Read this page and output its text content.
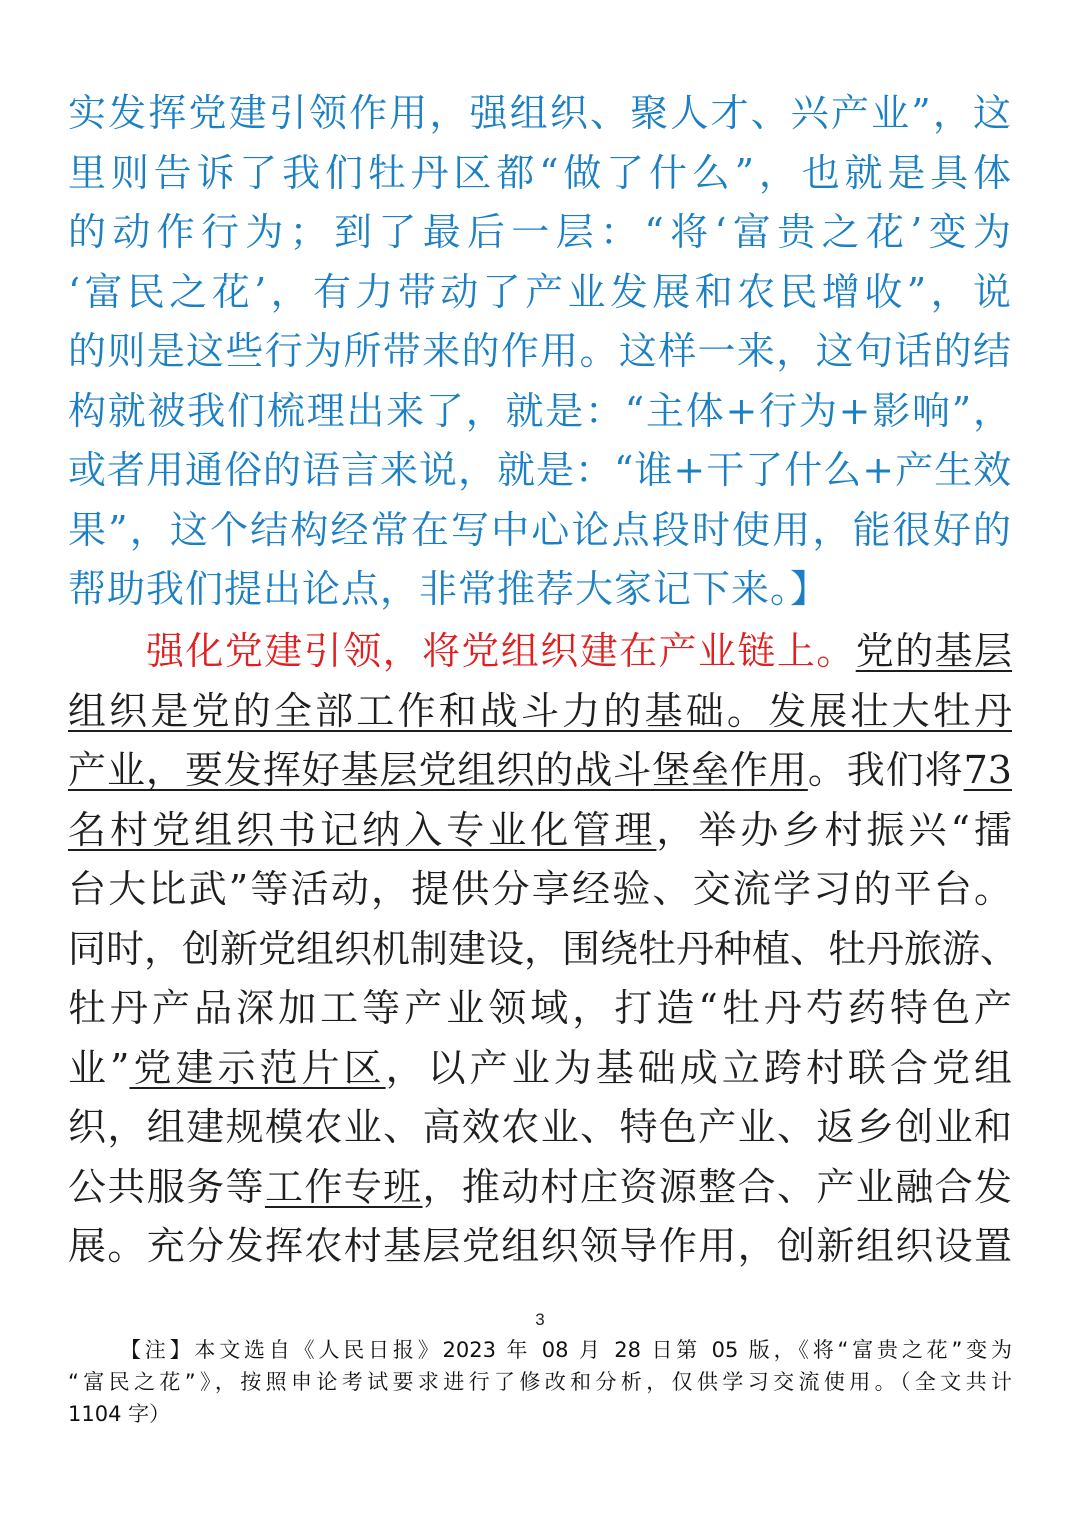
实发挥党建引领作用，强组织、聚人才、兴产业”，这
里则告诉了我们牡丹区都“做了什么”，也就是具体
的动作行为；到了最后一层：“将‘富贵之花’变为
‘富民之花’，有力带动了产业发展和农民增收”，说
的则是这些行为所带来的作用。这样一来，这句话的结
构就被我们梳理出来了，就是：“主体+行为+影响”，
或者用通俗的语言来说，就是：“谁+干了什么+产生效
果”，这个结构经常在写中心论点段时使用，能很好的
帮助我们提出论点，非常推荐大家记下来。】
强化党建引领，将党组织建在产业链上。党的基层
组织是党的全部工作和战斗力的基础。发展壮大牡丹
产业，要发挥好基层党组织的战斗堡垒作用。我们将73
名村党组织书记纳入专业化管理，举办乡村振兴“擂
台大比武”等活动，提供分享经验、交流学习的平台。
同时，创新党组织机制建设，围绕牡丹种植、牡丹旅游、
牡丹产品深加工等产业领域，打造“牡丹芍药特色产
业”党建示范片区，以产业为基础成立跨村联合党组
织，组建规模农业、高效农业、特色产业、返乡创业和
公共服务等工作专班，推动村庄资源整合、产业融合发
展。充分发挥农村基层党组织领导作用，创新组织设置
3
【注】本文选自《人民日报》2023 年 08 月 28 日第 05 版，《将“富贵之花”变为
“富民之花”》，按照申论考试要求进行了修改和分析，仅供学习交流使用。（全文共计
1104 字）
